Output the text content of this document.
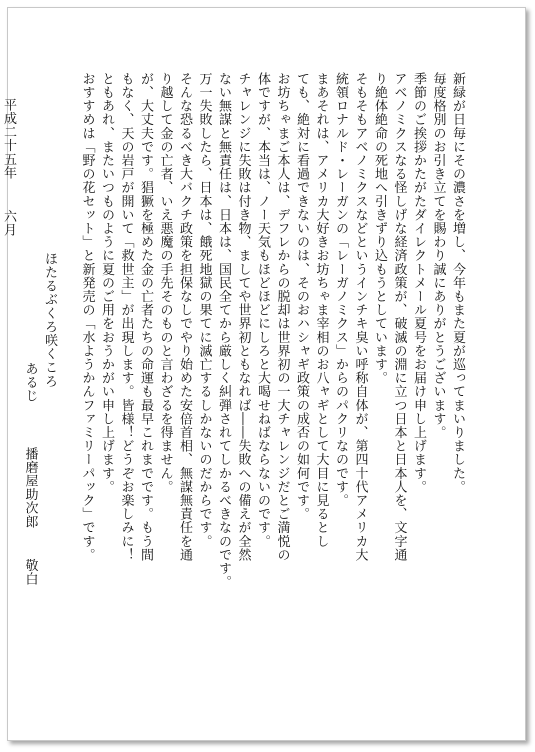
新緑が日毎にその濃さを増し、今年もまた夏が巡ってまいりました。
毎度格別のお引き立てを賜わり誠にありがとうございます。
季節のご挨拶かたがたダイレクトメール夏号をお届け申し上げます。
アベノミクスなる怪しげな経済政策が、破滅の淵に立つ日本と日本人を、文字通
り絶体絶命の死地へ引きずり込もうとしています。
そもそもアベノミクスなどというインチキ臭い呼称自体が、第四十代アメリカ大
統領ロナルド・レーガンの「レーガノミクス」からのパクリなのです。
まあそれは、アメリカ大好きお坊ちゃま宰相のお八ャギとして大目に見るとし
ても、絶対に看過できないのは、そのおハシャギ政策の成否の如何です。
お坊ちゃまご本人は、デフレからの脱却は世界初の一大チャレンジだとご満悦の
体ですが、本当は、ノー天気もほどほどにしろと大喝せねばならないのです。
チャレンジに失敗は付き物、ましてや世界初ともなれば――失敗への備えが全然
ない無謀と無責任は、日本は、国民全てから厳しく糾弾されてしかるべきなのです。
万一失敗したら、日本は、餓死地獄の果てに滅亡するしかないのだからです。
そんな恐るべき大バクチ政策を担保なしでやり始めた安倍首相、無謀無責任を通
り越して金の亡者、いえ悪魔の手先そのものと言わざるを得ません。
が、大丈夫です。猖獗を極めた金の亡者たちの命運も最早これまでです。もう間
もなく、天の岩戸が開いて「救世主」が出現します。皆様！どうぞお楽しみに！
ともあれ、またいつものように夏のご用をおうかがい申し上げます。
おすすめは「野の花セット」と新発売の「水ようかんファミリーパック」です。
ほたるぶくろ咲くころ
あるじ播磨屋助次郎敬白
平成二十五年六月
